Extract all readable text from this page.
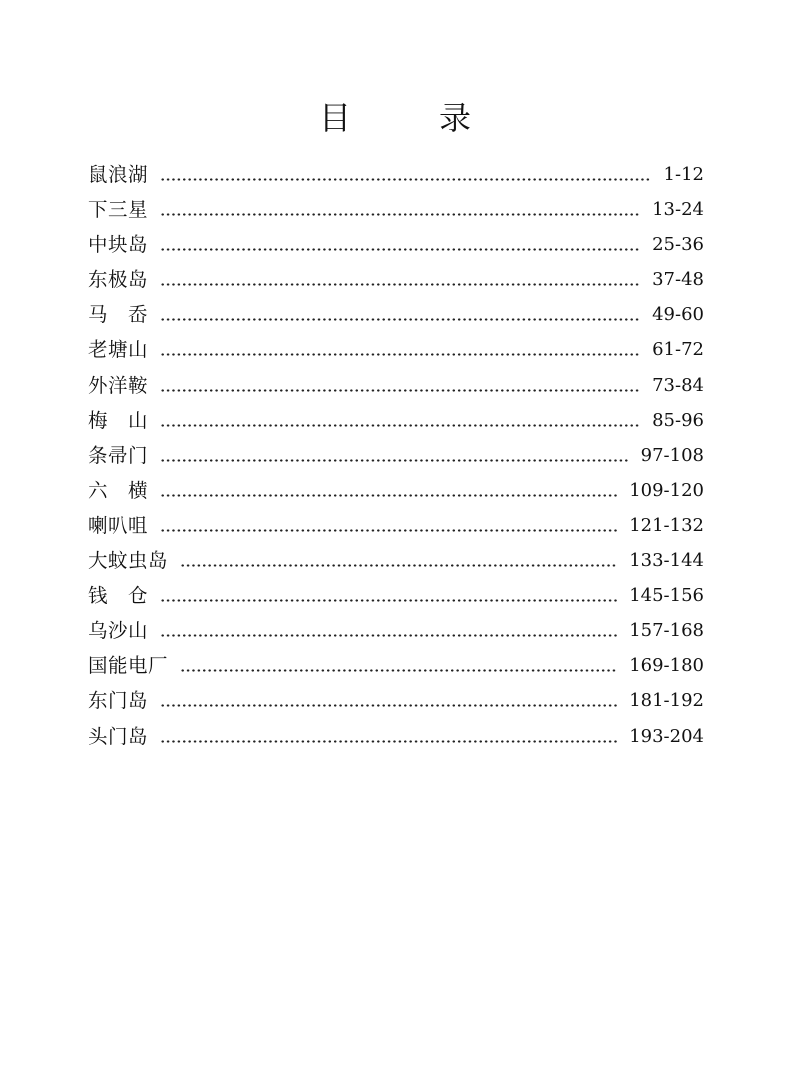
目	录
鼠浪湖	1-12
下三星	13-24
中块岛	25-36
东极岛	37-48
马　岙	49-60
老塘山	61-72
外洋鞍	73-84
梅　山	85-96
条帚门	97-108
六　横	109-120
喇叭咀	121-132
大蚊虫岛	133-144
钱　仓	145-156
乌沙山	157-168
国能电厂	169-180
东门岛	181-192
头门岛	193-204
